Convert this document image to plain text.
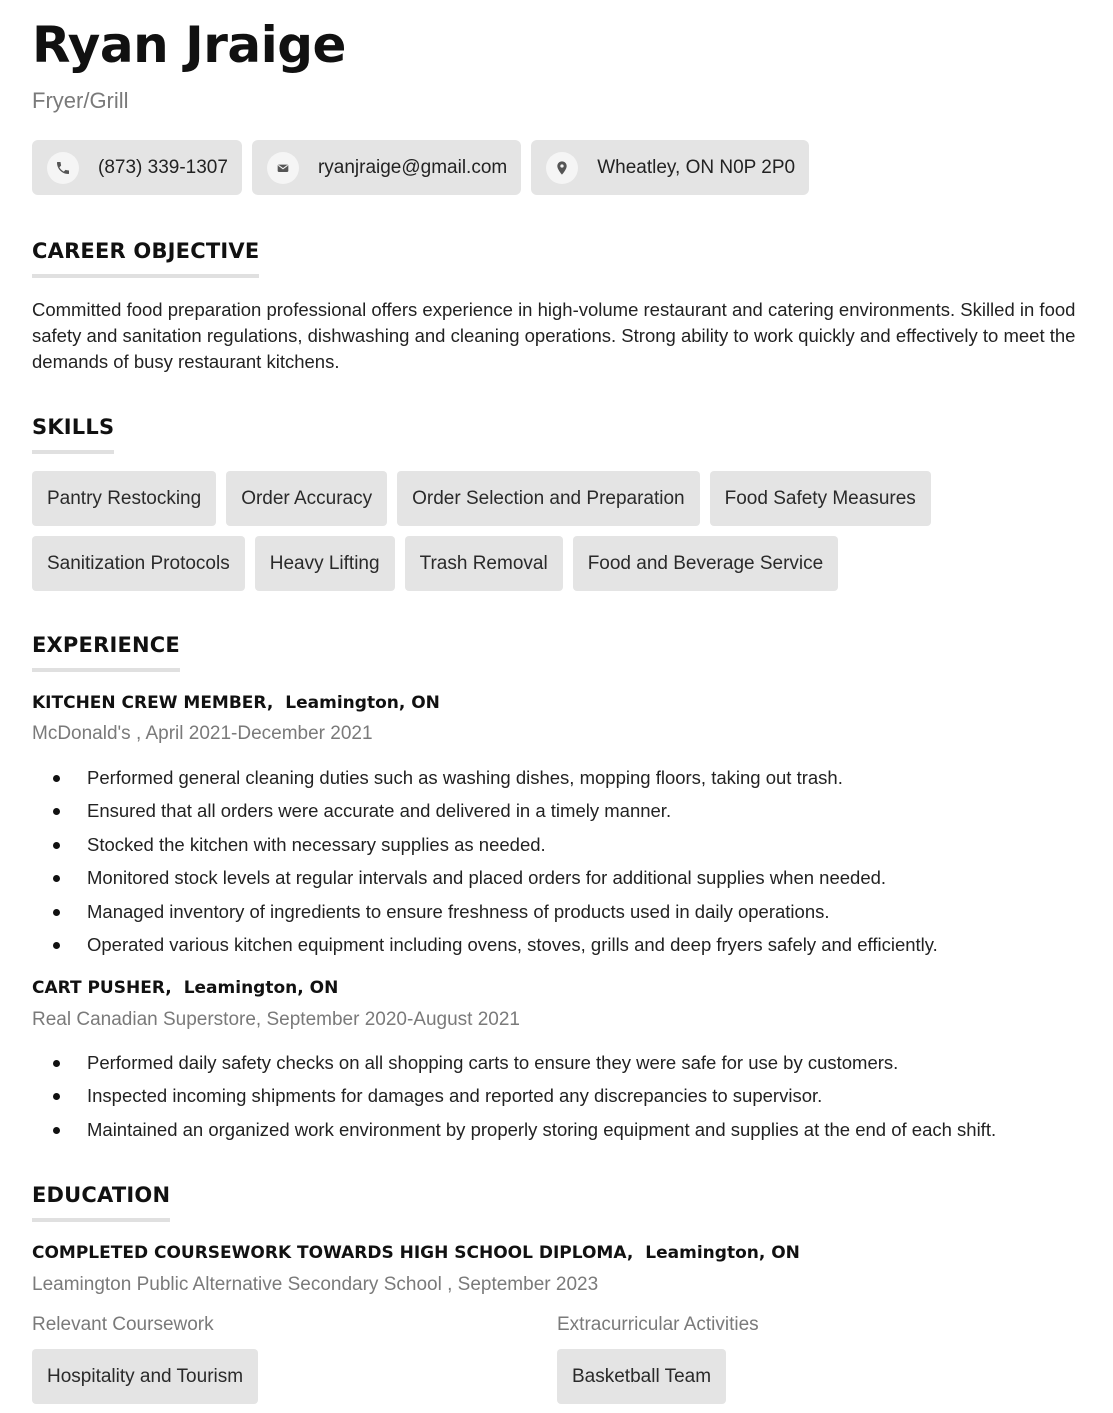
Ryan Jraige
Fryer/Grill
(873) 339-1307	ryanjraige@gmail.com	Wheatley, ON N0P 2P0
CAREER OBJECTIVE

Committed food preparation professional offers experience in high-volume restaurant and catering environments. Skilled in food safety and sanitation regulations, dishwashing and cleaning operations. Strong ability to work quickly and effectively to meet the demands of busy restaurant kitchens.

SKILLS
Pantry Restocking	Order Accuracy	Order Selection and Preparation	Food Safety Measures
Sanitization Protocols	Heavy Lifting	Trash Removal	Food and Beverage Service
EXPERIENCE
KITCHEN CREW MEMBER, Leamington, ON
McDonald's , April 2021-December 2021
Performed general cleaning duties such as washing dishes, mopping floors, taking out trash.
Ensured that all orders were accurate and delivered in a timely manner.
Stocked the kitchen with necessary supplies as needed.
Monitored stock levels at regular intervals and placed orders for additional supplies when needed.
Managed inventory of ingredients to ensure freshness of products used in daily operations.
Operated various kitchen equipment including ovens, stoves, grills and deep fryers safely and efficiently.
CART PUSHER, Leamington, ON
Real Canadian Superstore, September 2020-August 2021
Performed daily safety checks on all shopping carts to ensure they were safe for use by customers.
Inspected incoming shipments for damages and reported any discrepancies to supervisor.
Maintained an organized work environment by properly storing equipment and supplies at the end of each shift.
EDUCATION
COMPLETED COURSEWORK TOWARDS HIGH SCHOOL DIPLOMA, Leamington, ON
Leamington Public Alternative Secondary School , September 2023
Relevant Coursework	Extracurricular Activities
Hospitality and Tourism	Basketball Team
